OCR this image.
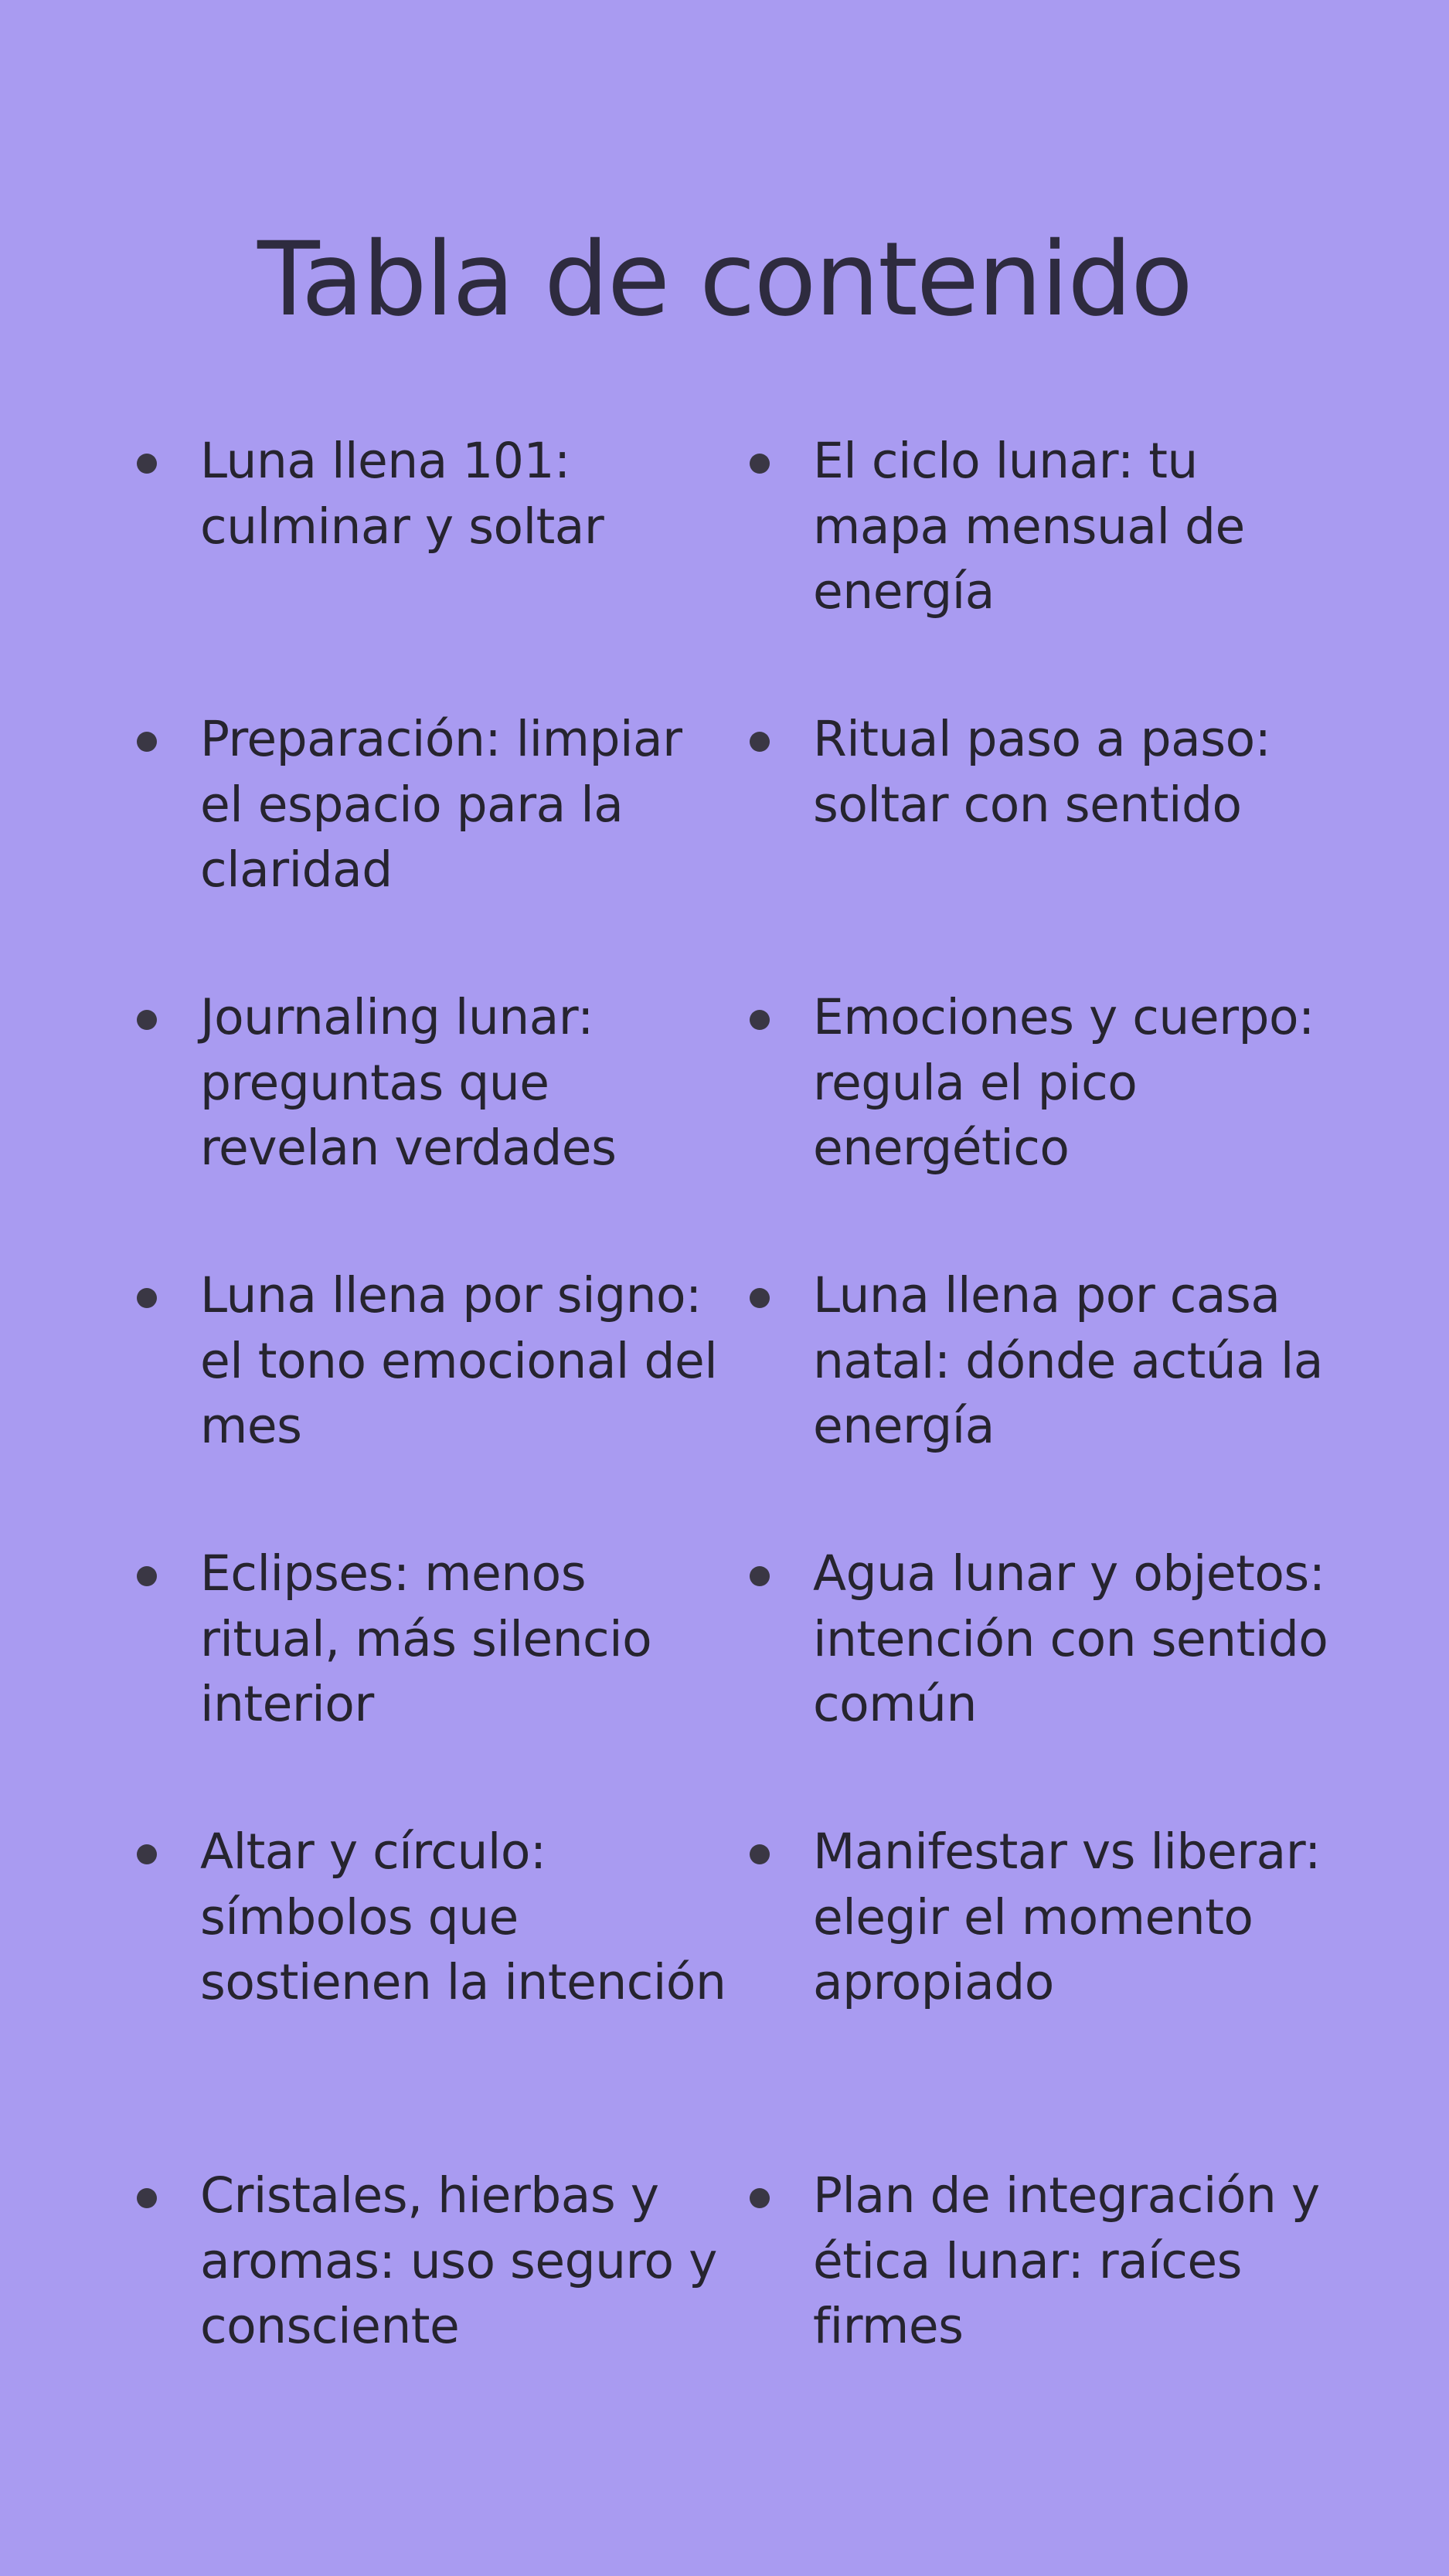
Tabla de contenido
Luna llena 101: culminar y soltar
El ciclo lunar: tu mapa mensual de energía
Preparación: limpiar el espacio para la claridad
Ritual paso a paso: soltar con sentido
Journaling lunar: preguntas que revelan verdades
Emociones y cuerpo: regula el pico energético
Luna llena por signo: el tono emocional del mes
Luna llena por casa natal: dónde actúa la energía
Eclipses: menos ritual, más silencio interior
Agua lunar y objetos: intención con sentido común
Altar y círculo: símbolos que sostienen la intención
Manifestar vs liberar: elegir el momento apropiado
Cristales, hierbas y aromas: uso seguro y consciente
Plan de integración y ética lunar: raíces firmes
